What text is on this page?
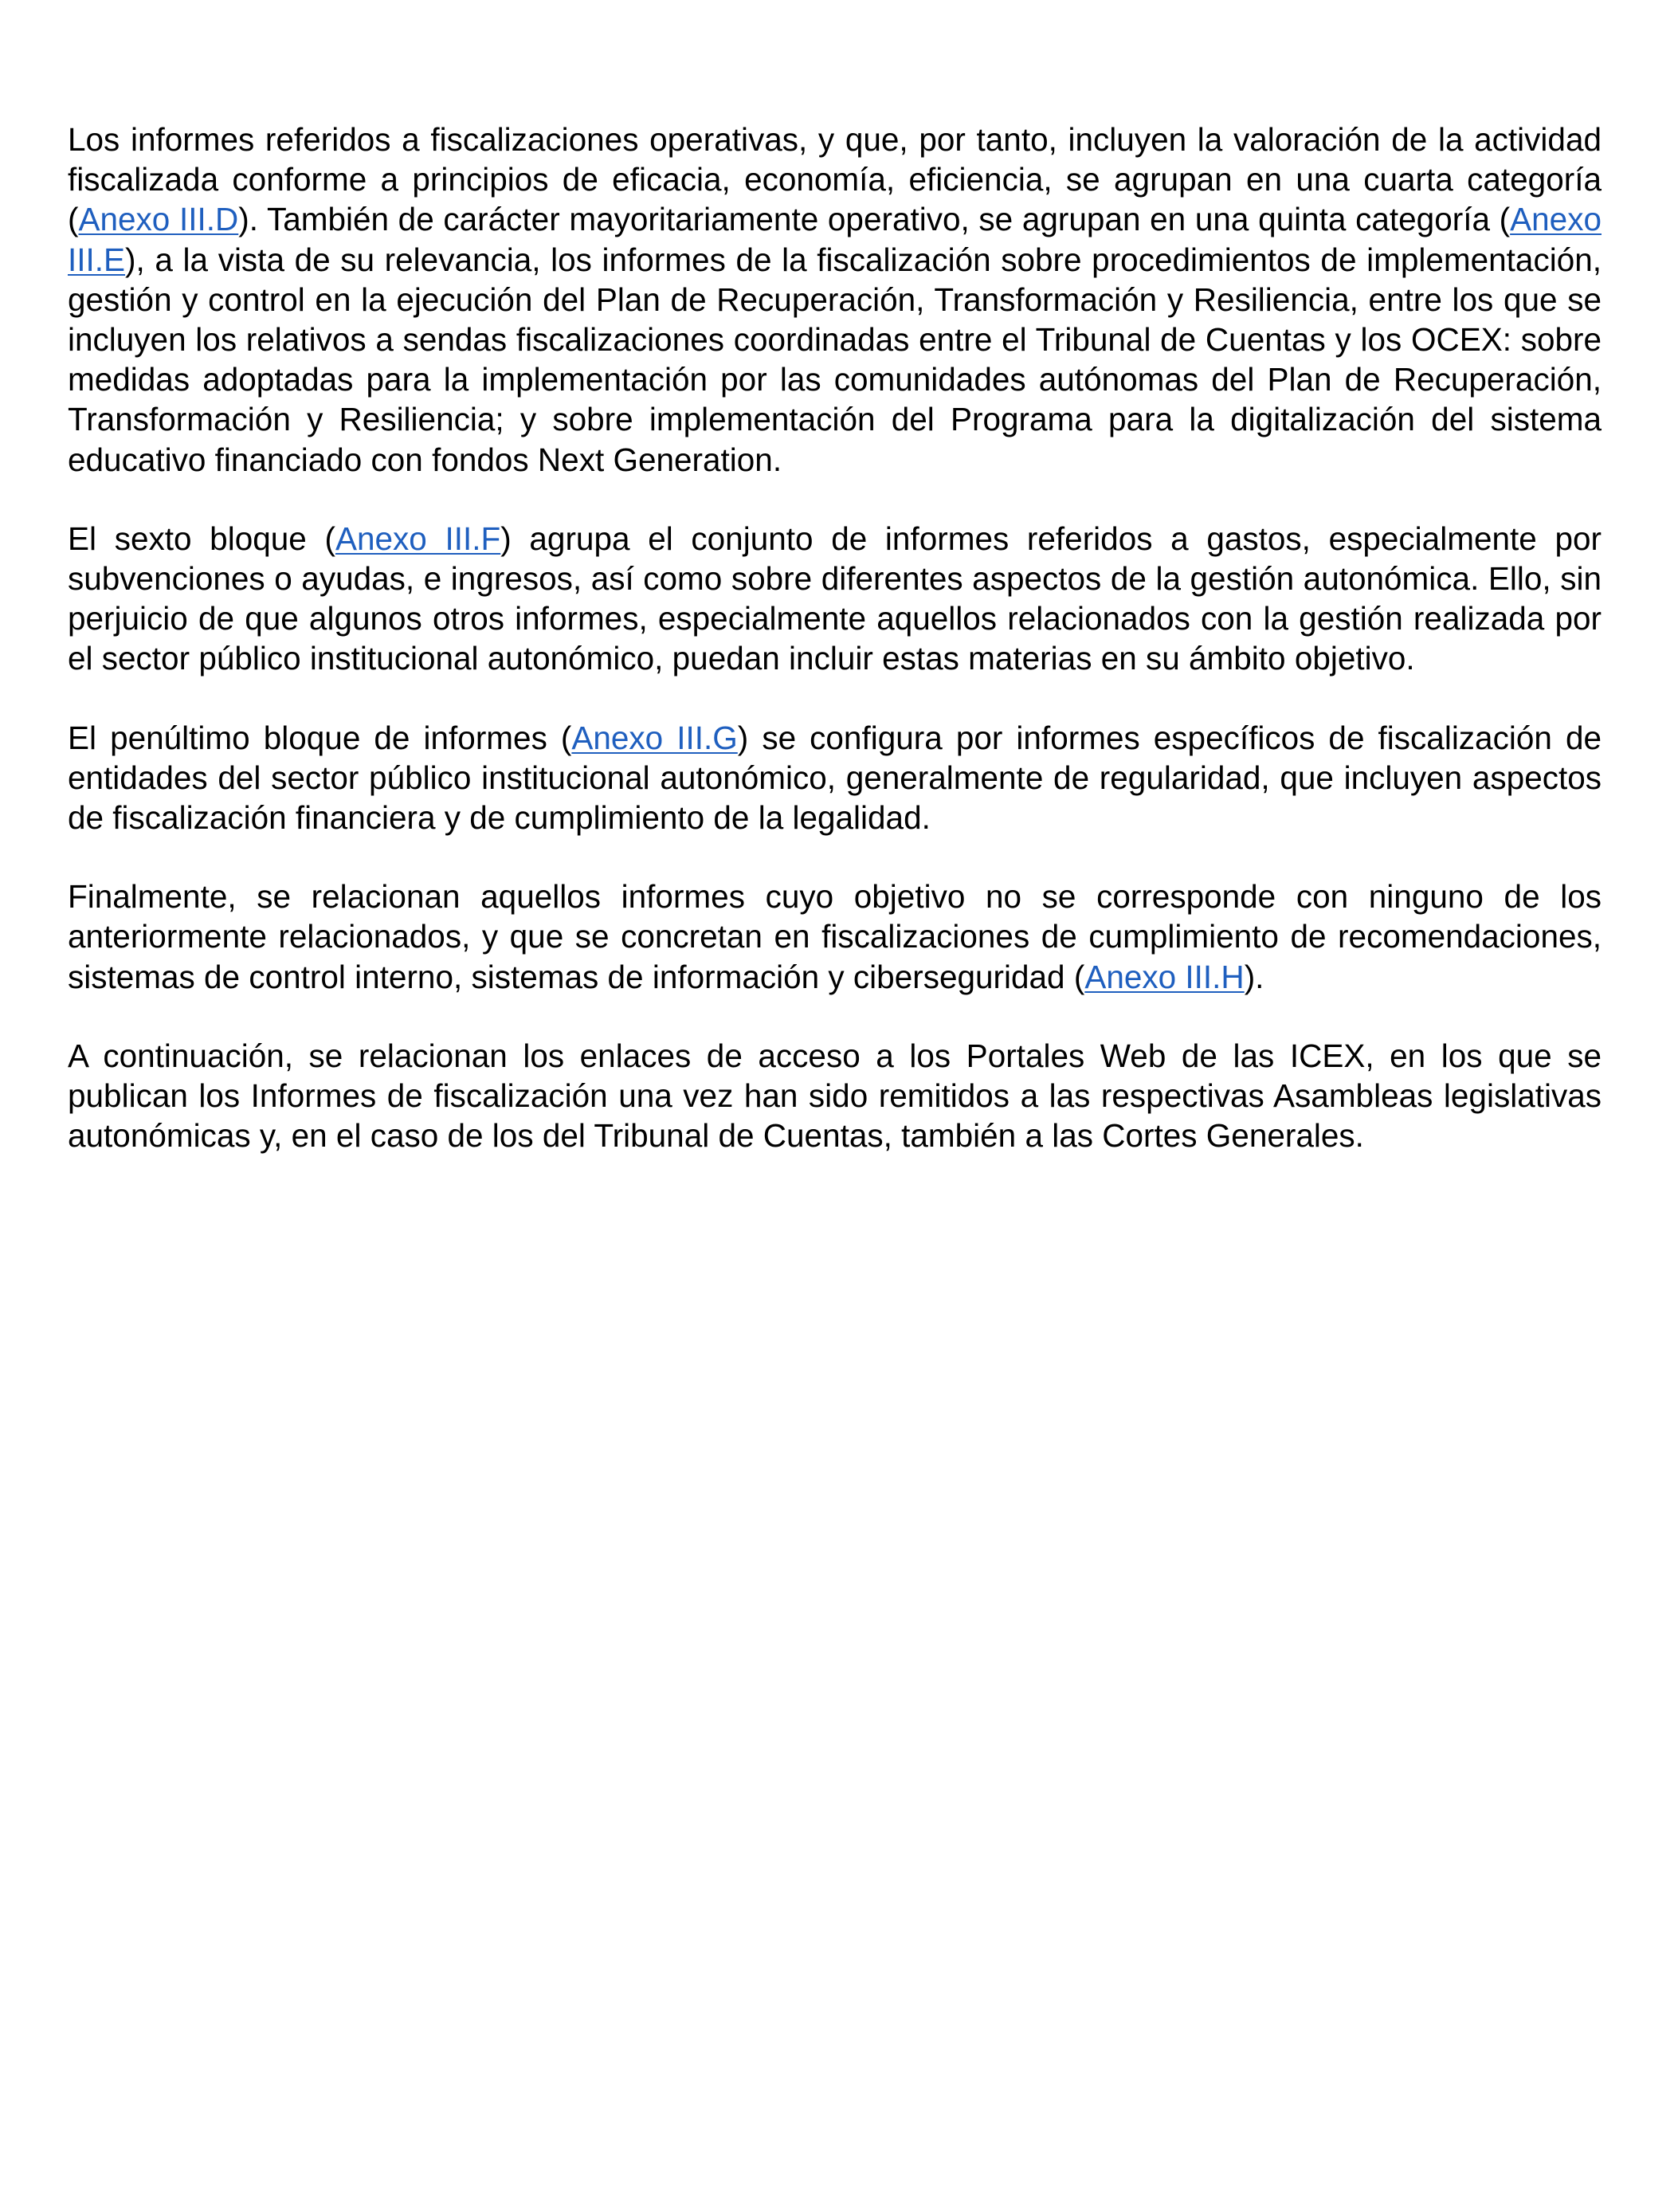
Los informes referidos a fiscalizaciones operativas, y que, por tanto, incluyen la valoración de la actividad fiscalizada conforme a principios de eficacia, economía, eficiencia, se agrupan en una cuarta categoría (Anexo III.D). También de carácter mayoritariamente operativo, se agrupan en una quinta categoría (Anexo III.E), a la vista de su relevancia, los informes de la fiscalización sobre procedimientos de implementación, gestión y control en la ejecución del Plan de Recuperación, Transformación y Resiliencia, entre los que se incluyen los relativos a sendas fiscalizaciones coordinadas entre el Tribunal de Cuentas y los OCEX: sobre medidas adoptadas para la implementación por las comunidades autónomas del Plan de Recuperación, Transformación y Resiliencia; y sobre implementación del Programa para la digitalización del sistema educativo financiado con fondos Next Generation.

El sexto bloque (Anexo III.F) agrupa el conjunto de informes referidos a gastos, especialmente por subvenciones o ayudas, e ingresos, así como sobre diferentes aspectos de la gestión autonómica. Ello, sin perjuicio de que algunos otros informes, especialmente aquellos relacionados con la gestión realizada por el sector público institucional autonómico, puedan incluir estas materias en su ámbito objetivo.

El penúltimo bloque de informes (Anexo III.G) se configura por informes específicos de fiscalización de entidades del sector público institucional autonómico, generalmente de regularidad, que incluyen aspectos de fiscalización financiera y de cumplimiento de la legalidad.

Finalmente, se relacionan aquellos informes cuyo objetivo no se corresponde con ninguno de los anteriormente relacionados, y que se concretan en fiscalizaciones de cumplimiento de recomendaciones, sistemas de control interno, sistemas de información y ciberseguridad (Anexo III.H).

A continuación, se relacionan los enlaces de acceso a los Portales Web de las ICEX, en los que se publican los Informes de fiscalización una vez han sido remitidos a las respectivas Asambleas legislativas autonómicas y, en el caso de los del Tribunal de Cuentas, también a las Cortes Generales.
